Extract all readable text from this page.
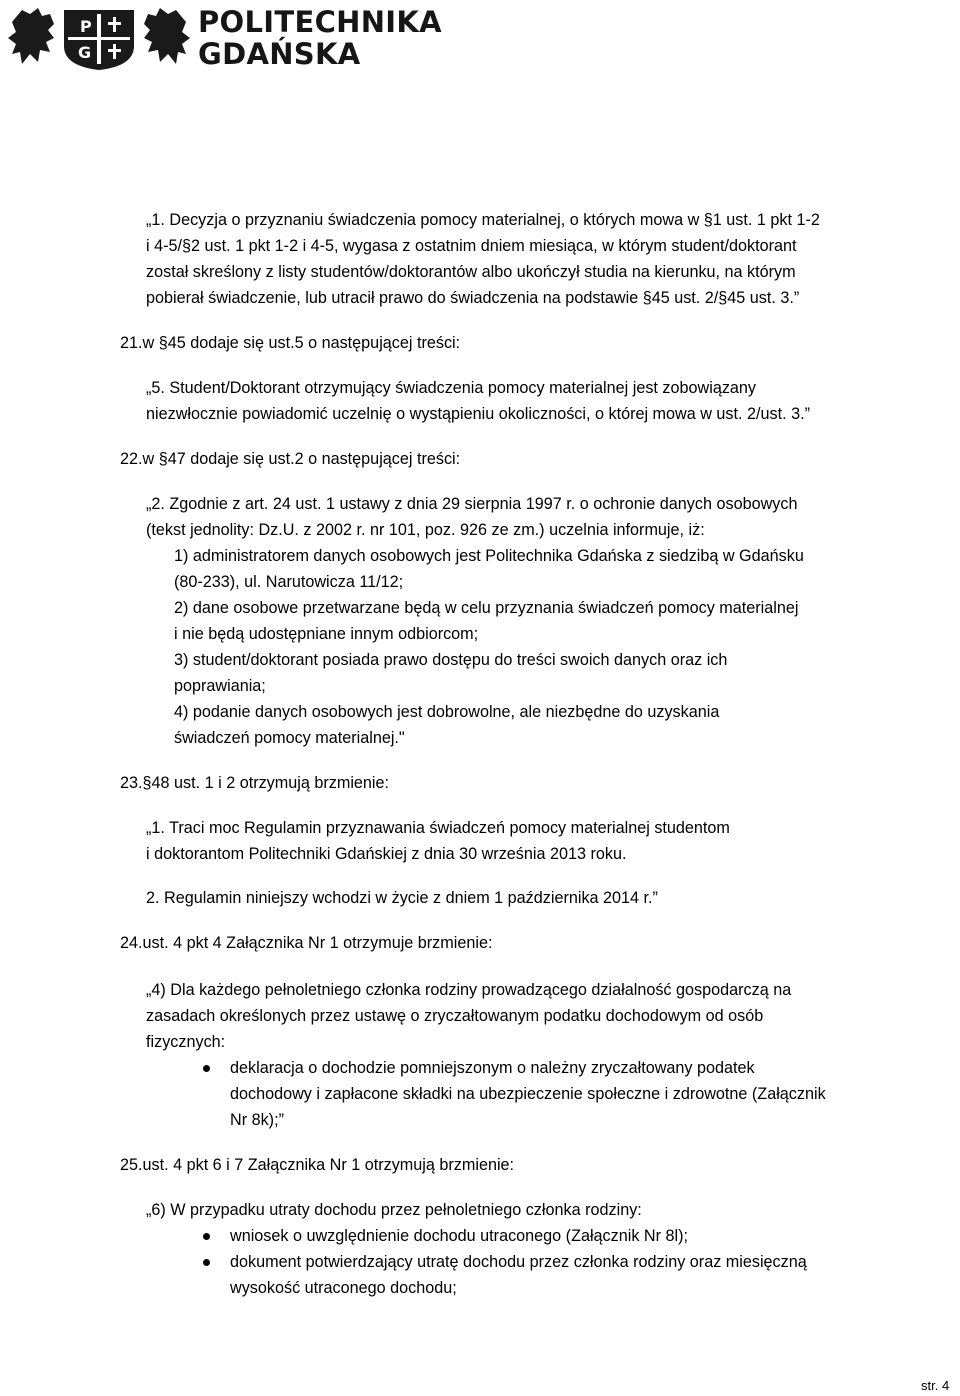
P
G
POLITECHNIKA
GDAŃSKA
„1. Decyzja o przyznaniu świadczenia pomocy materialnej, o których mowa w §1 ust. 1 pkt 1-2
i 4-5/§2 ust. 1 pkt 1-2 i 4-5, wygasa z ostatnim dniem miesiąca, w którym student/doktorant
został skreślony z listy studentów/doktorantów albo ukończył studia na kierunku, na którym
pobierał świadczenie, lub utracił prawo do świadczenia na podstawie §45 ust. 2/§45 ust. 3.”
21.w §45 dodaje się ust.5 o następującej treści:
„5. Student/Doktorant otrzymujący świadczenia pomocy materialnej jest zobowiązany
niezwłocznie powiadomić uczelnię o wystąpieniu okoliczności, o której mowa w ust. 2/ust. 3.”
22.w §47 dodaje się ust.2 o następującej treści:
„2. Zgodnie z art. 24 ust. 1 ustawy z dnia 29 sierpnia 1997 r. o ochronie danych osobowych
(tekst jednolity: Dz.U. z 2002 r. nr 101, poz. 926 ze zm.) uczelnia informuje, iż:
1) administratorem danych osobowych jest Politechnika Gdańska z siedzibą w Gdańsku
(80-233), ul. Narutowicza 11/12;
2) dane osobowe przetwarzane będą w celu przyznania świadczeń pomocy materialnej
i nie będą udostępniane innym odbiorcom;
3) student/doktorant posiada prawo dostępu do treści swoich danych oraz ich
poprawiania;
4) podanie danych osobowych jest dobrowolne, ale niezbędne do uzyskania
świadczeń pomocy materialnej."
23.§48 ust. 1 i 2 otrzymują brzmienie:
„1. Traci moc Regulamin przyznawania świadczeń pomocy materialnej studentom
i doktorantom Politechniki Gdańskiej z dnia 30 września 2013 roku.
2. Regulamin niniejszy wchodzi w życie z dniem 1 października 2014 r.”
24.ust. 4 pkt 4 Załącznika Nr 1 otrzymuje brzmienie:
„4) Dla każdego pełnoletniego członka rodziny prowadzącego działalność gospodarczą na
zasadach określonych przez ustawę o zryczałtowanym podatku dochodowym od osób
fizycznych:
deklaracja o dochodzie pomniejszonym o należny zryczałtowany podatek
dochodowy i zapłacone składki na ubezpieczenie społeczne i zdrowotne (Załącznik
Nr 8k);”
25.ust. 4 pkt 6 i 7 Załącznika Nr 1 otrzymują brzmienie:
„6) W przypadku utraty dochodu przez pełnoletniego członka rodziny:
wniosek o uwzględnienie dochodu utraconego (Załącznik Nr 8l);
dokument potwierdzający utratę dochodu przez członka rodziny oraz miesięczną
wysokość utraconego dochodu;
str. 4
